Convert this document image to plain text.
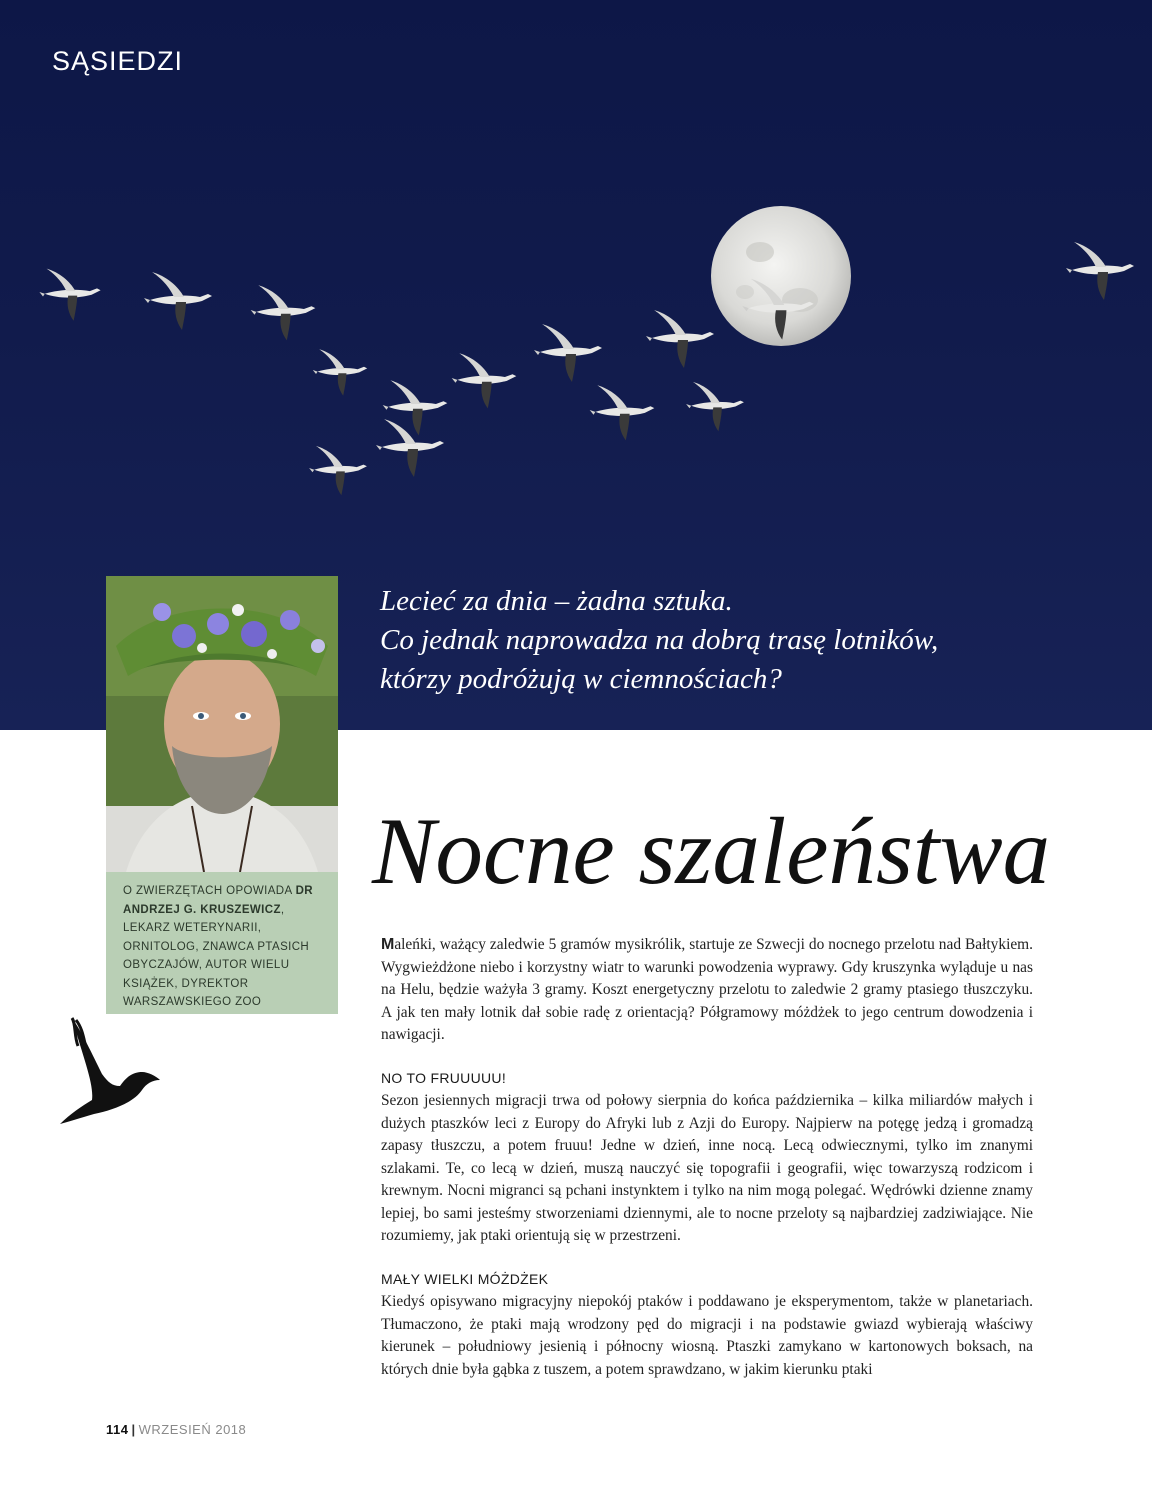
SĄSIEDZI
Lecieć za dnia – żadna sztuka.
Co jednak naprowadza na dobrą trasę lotników,
którzy podróżują w ciemnościach?
O ZWIERZĘTACH OPOWIADA DR ANDRZEJ G. KRUSZEWICZ, LEKARZ WETERYNARII, ORNITOLOG, ZNAWCA PTASICH OBYCZAJÓW, AUTOR WIELU KSIĄŻEK, DYREKTOR WARSZAWSKIEGO ZOO
Nocne szaleństwa

Maleńki, ważący zaledwie 5 gramów mysikrólik, startuje ze Szwecji do nocnego przelotu nad Bałtykiem. Wygwieżdżone niebo i korzystny wiatr to warunki powodzenia wyprawy. Gdy kruszynka wyląduje u nas na Helu, będzie ważyła 3 gramy. Koszt energetyczny przelotu to zaledwie 2 gramy ptasiego tłuszczyku. A jak ten mały lotnik dał sobie radę z orientacją? Półgramowy móżdżek to jego centrum dowodzenia i nawigacji.

NO TO FRUUUUU!

Sezon jesiennych migracji trwa od połowy sierpnia do końca października – kilka miliardów małych i dużych ptaszków leci z Europy do Afryki lub z Azji do Europy. Najpierw na potęgę jedzą i gromadzą zapasy tłuszczu, a potem fruuu! Jedne w dzień, inne nocą. Lecą odwiecznymi, tylko im znanymi szlakami. Te, co lecą w dzień, muszą nauczyć się topografii i geografii, więc towarzyszą rodzicom i krewnym. Nocni migranci są pchani instynktem i tylko na nim mogą polegać. Wędrówki dzienne znamy lepiej, bo sami jesteśmy stworzeniami dziennymi, ale to nocne przeloty są najbardziej zadziwiające. Nie rozumiemy, jak ptaki orientują się w przestrzeni.

MAŁY WIELKI MÓŻDŻEK

Kiedyś opisywano migracyjny niepokój ptaków i poddawano je eksperymentom, także w planetariach. Tłumaczono, że ptaki mają wrodzony pęd do migracji i na podstawie gwiazd wybierają właściwy kierunek – południowy jesienią i północny wiosną. Ptaszki zamykano w kartonowych boksach, na których dnie była gąbka z tuszem, a potem sprawdzano, w jakim kierunku ptaki

114 | WRZESIEŃ 2018
